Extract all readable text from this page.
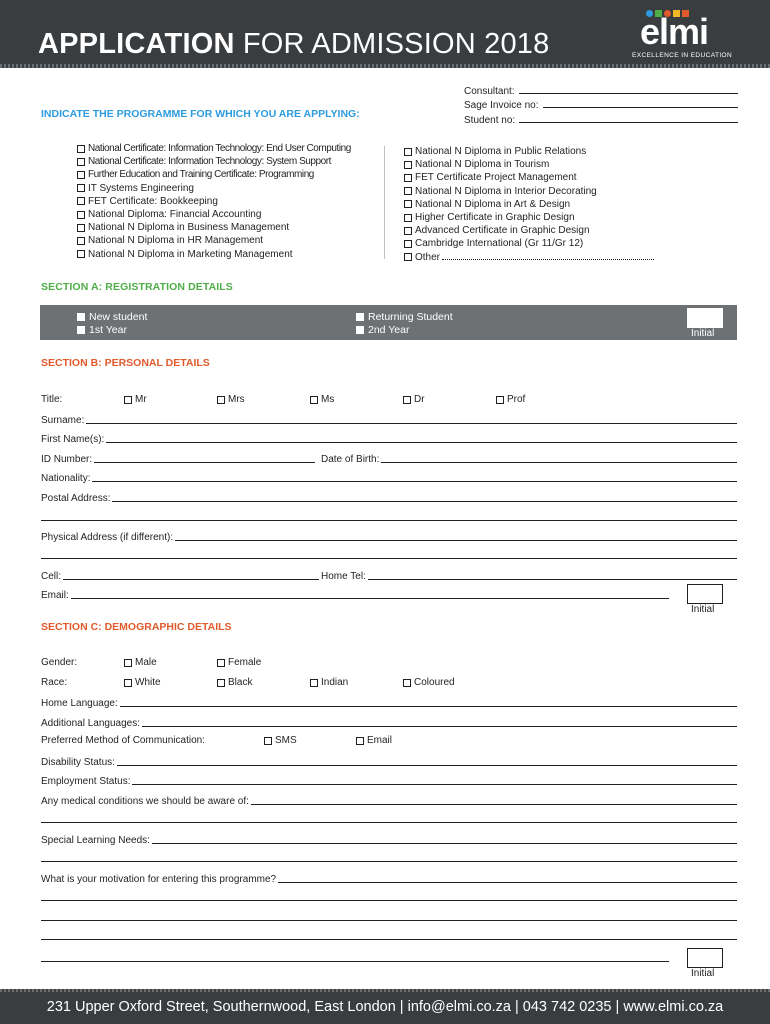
APPLICATION FOR ADMISSION 2018	elmi
EXCELLENCE IN EDUCATION
Consultant:
Sage Invoice no:
Student no:
INDICATE THE PROGRAMME FOR WHICH YOU ARE APPLYING:
National Certificate: Information Technology: End User Computing
National Certificate: Information Technology: System Support
Further Education and Training Certificate: Programming
IT Systems Engineering
FET Certificate: Bookkeeping
National Diploma: Financial Accounting
National N Diploma in Business Management
National N Diploma in HR Management
National N Diploma in Marketing Management
National N Diploma in Public Relations
National N Diploma in Tourism
FET Certificate Project Management
National N Diploma in Interior Decorating
National N Diploma in Art & Design
Higher Certificate in Graphic Design
Advanced Certificate in Graphic Design
Cambridge International (Gr 11/Gr 12)
Other
SECTION A: REGISTRATION DETAILS
New student
1st Year
Returning Student
2nd Year	Initial
SECTION B: PERSONAL DETAILS
Title:	Mr	Mrs	Ms	Dr	Prof
Surname:
First Name(s):
ID Number:	Date of Birth:
Nationality:
Postal Address:
Physical Address (if different):
Cell:	Home Tel:
Email:
Initial
SECTION C: DEMOGRAPHIC DETAILS
Gender:	Male	Female
Race:	White	Black	Indian	Coloured
Home Language:
Additional Languages:
Preferred Method of Communication:	SMS	Email
Disability Status:
Employment Status:
Any medical conditions we should be aware of:
Special Learning Needs:
What is your motivation for entering this programme?
Initial
231 Upper Oxford Street, Southernwood, East London | info@elmi.co.za | 043 742 0235 | www.elmi.co.za
